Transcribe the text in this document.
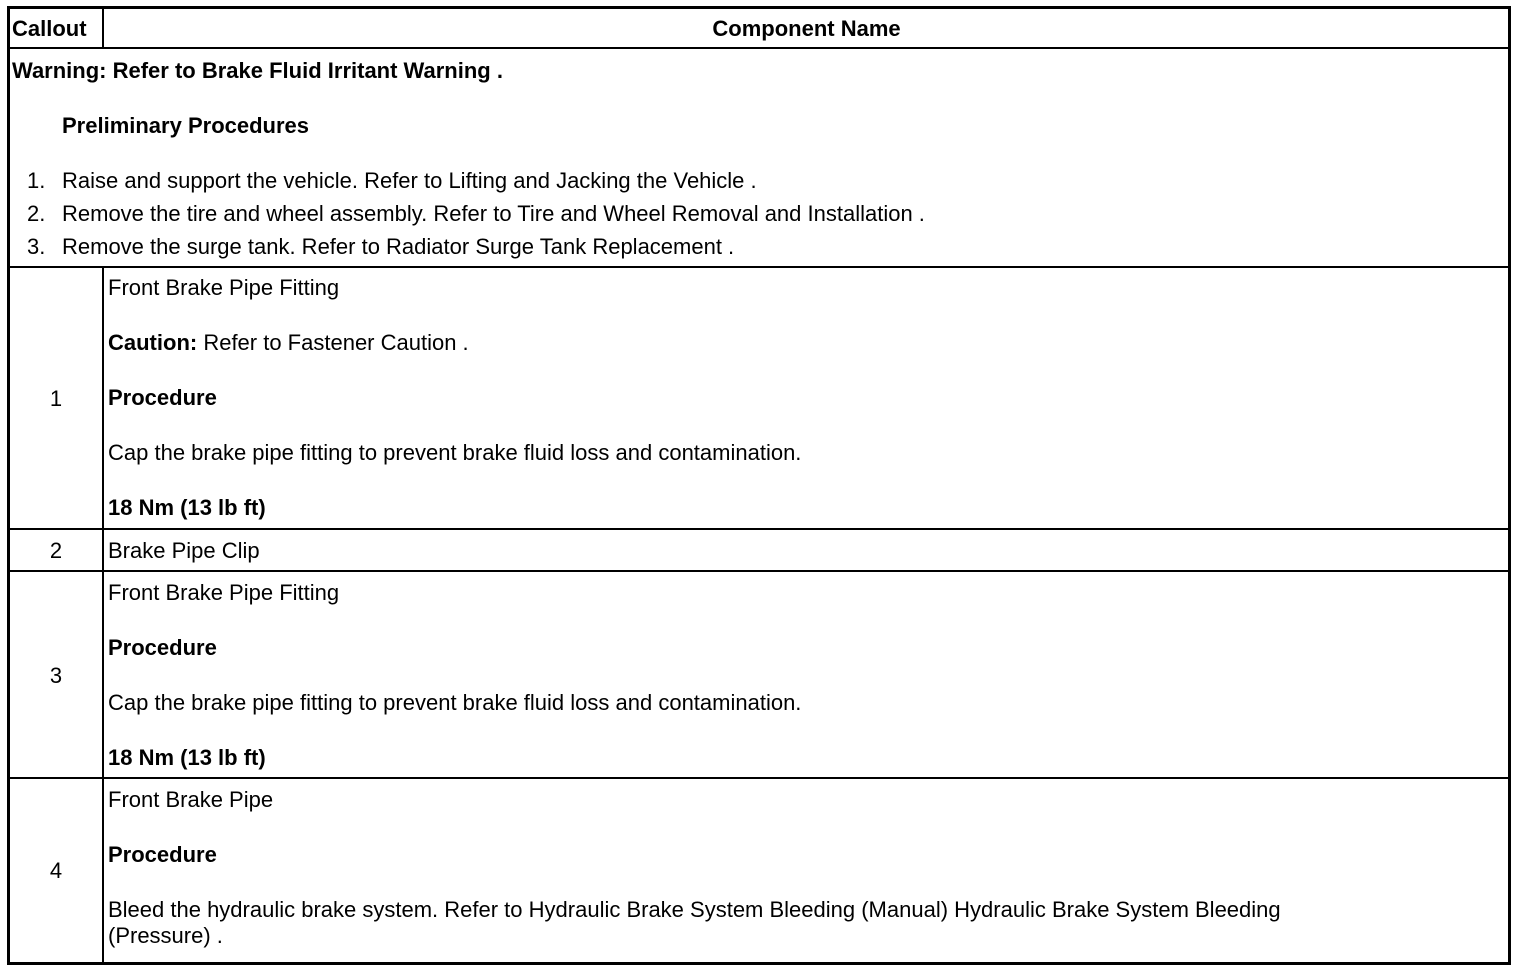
Callout	Component Name
Warning: Refer to Brake Fluid Irritant Warning .
Preliminary Procedures
1. Raise and support the vehicle. Refer to Lifting and Jacking the Vehicle .
2. Remove the tire and wheel assembly. Refer to Tire and Wheel Removal and Installation .
3. Remove the surge tank. Refer to Radiator Surge Tank Replacement .
1
Front Brake Pipe Fitting
Caution: Refer to Fastener Caution .
Procedure
Cap the brake pipe fitting to prevent brake fluid loss and contamination.
18 Nm (13 lb ft)
2	Brake Pipe Clip
3
Front Brake Pipe Fitting
Procedure
Cap the brake pipe fitting to prevent brake fluid loss and contamination.
18 Nm (13 lb ft)
4
Front Brake Pipe
Procedure
Bleed the hydraulic brake system. Refer to Hydraulic Brake System Bleeding (Manual) Hydraulic Brake System Bleeding
(Pressure) .
